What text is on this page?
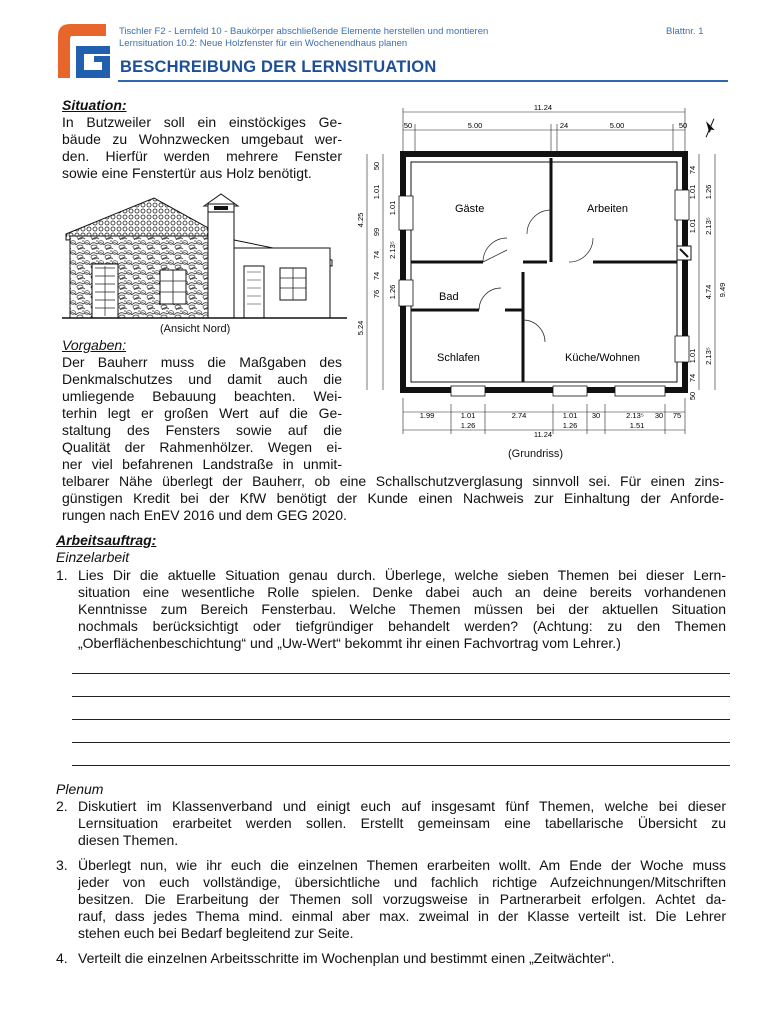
G
Tischler F2 - Lernfeld 10 - Baukörper abschließende Elemente herstellen und montieren
Lernsituation 10.2: Neue Holzfenster für ein Wochenendhaus planen
Blattnr. 1
BESCHREIBUNG DER LERNSITUATION
Situation:
In Butzweiler soll ein einstöckiges Ge-
bäude zu Wohnzwecken umgebaut wer-
den. Hierfür werden mehrere Fenster
sowie eine Fenstertür aus Holz benötigt.
(Ansicht Nord)
Vorgaben:
Der Bauherr muss die Maßgaben des
Denkmalschutzes und damit auch die
umliegende Bebauung beachten. Wei-
terhin legt er großen Wert auf die Ge-
staltung des Fensters sowie auf die
Qualität der Rahmenhölzer. Wegen ei-
ner viel befahrenen Landstraße in unmit-
telbarer Nähe überlegt der Bauherr, ob eine Schallschutzverglasung sinnvoll sei. Für einen zins-
günstigen Kredit bei der KfW benötigt der Kunde einen Nachweis zur Einhaltung der Anforde-
rungen nach EnEV 2016 und dem GEG 2020.
11.24
50	5.00	24	5.00	50
Gäste	Arbeiten
Bad
Schlafen	Küche/Wohnen
4.25
5.24
50
1.01
99
74
1.01
2.13⁵
76
74
1.26	9.49
4.74
1.01
74
1.26
1.01 2.13⁵
1.01
74
50
2.13⁵
1.99	1.01	2.74	1.01 30	2.13⁵ 30 75
1.26	1.26	1.51
11.24
(Grundriss)
Arbeitsauftrag:
Einzelarbeit
1. Lies Dir die aktuelle Situation genau durch. Überlege, welche sieben Themen bei dieser Lern-
situation eine wesentliche Rolle spielen. Denke dabei auch an deine bereits vorhandenen
Kenntnisse zum Bereich Fensterbau. Welche Themen müssen bei der aktuellen Situation
nochmals berücksichtigt oder tiefgründiger behandelt werden? (Achtung: zu den Themen
„Oberflächenbeschichtung“ und „Uw-Wert“ bekommt ihr einen Fachvortrag vom Lehrer.)
Plenum
2. Diskutiert im Klassenverband und einigt euch auf insgesamt fünf Themen, welche bei dieser
Lernsituation erarbeitet werden sollen. Erstellt gemeinsam eine tabellarische Übersicht zu
diesen Themen.
3. Überlegt nun, wie ihr euch die einzelnen Themen erarbeiten wollt. Am Ende der Woche muss
jeder von euch vollständige, übersichtliche und fachlich richtige Aufzeichnungen/Mitschriften
besitzen. Die Erarbeitung der Themen soll vorzugsweise in Partnerarbeit erfolgen. Achtet da-
rauf, dass jedes Thema mind. einmal aber max. zweimal in der Klasse verteilt ist. Die Lehrer
stehen euch bei Bedarf begleitend zur Seite.
4. Verteilt die einzelnen Arbeitsschritte im Wochenplan und bestimmt einen „Zeitwächter“.
